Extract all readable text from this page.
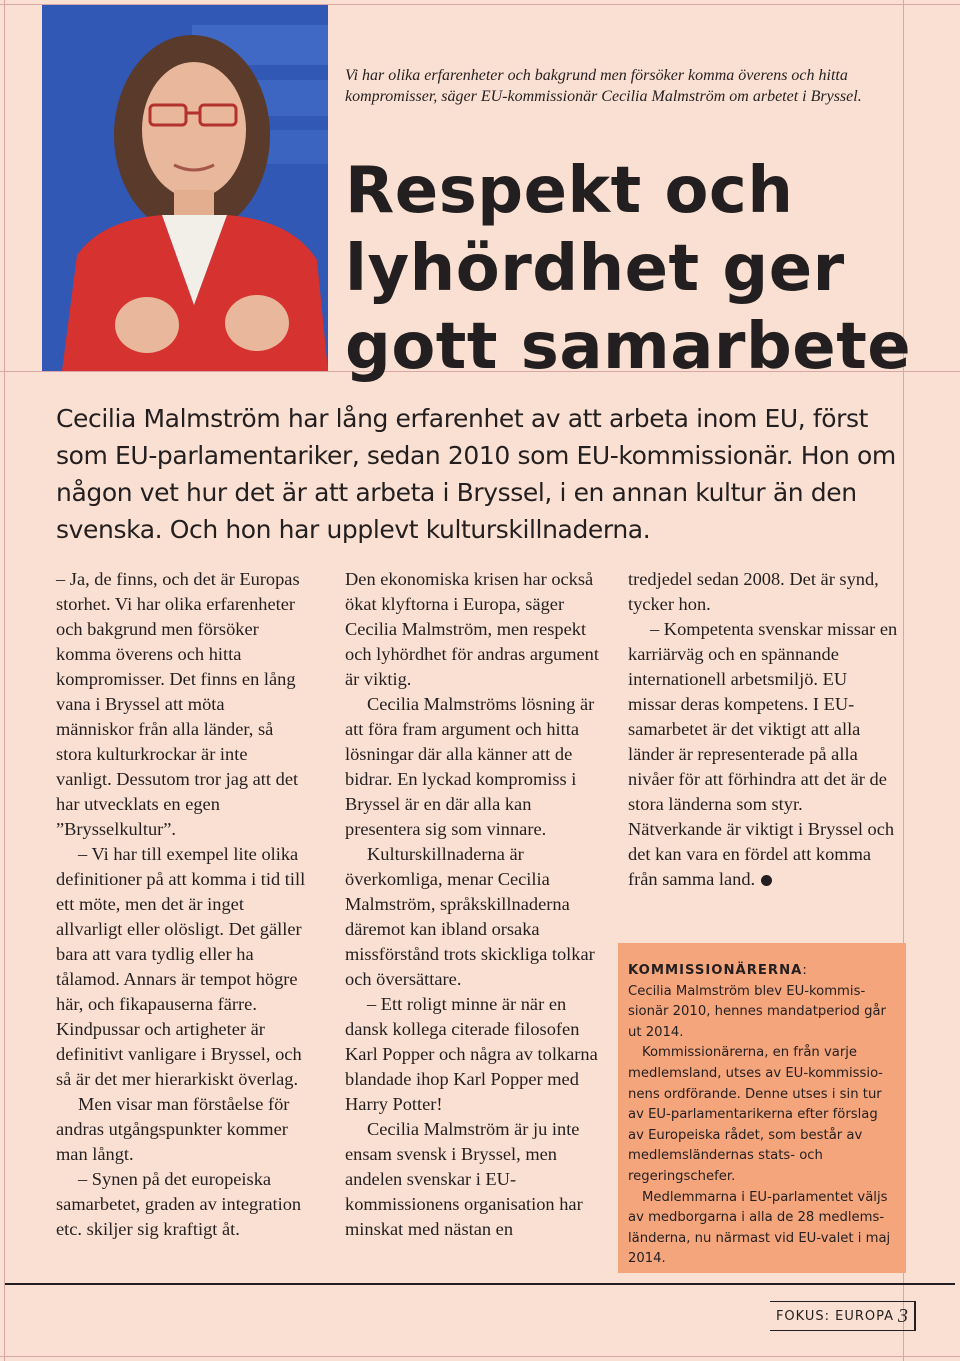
Vi har olika erfarenheter och bakgrund men försöker komma överens och hitta kompromisser, säger EU-kommissionär Cecilia Malmström om arbetet i Bryssel.

Respekt och
lyhördhet ger
gott samarbete

Cecilia Malmström har lång erfarenhet av att arbeta inom EU, först som EU-parlamentariker, sedan 2010 som EU-kommissionär. Hon om någon vet hur det är att arbeta i Bryssel, i en annan kultur än den svenska. Och hon har upplevt kulturskillnaderna.

– Ja, de finns, och det är Europas storhet. Vi har olika erfarenheter och bakgrund men försöker komma överens och hitta kompromisser. Det finns en lång vana i Bryssel att möta människor från alla länder, så stora kulturkrockar är inte vanligt. Dessutom tror jag att det har utvecklats en egen ”Brysselkultur”.

– Vi har till exempel lite olika definitioner på att komma i tid till ett möte, men det är inget allvarligt eller olösligt. Det gäller bara att vara tydlig eller ha tålamod. Annars är tempot högre här, och fikapauserna färre. Kindpussar och artigheter är definitivt vanligare i Bryssel, och så är det mer hierarkiskt överlag.

Men visar man förståelse för andras utgångspunkter kommer man långt.

– Synen på det europeiska samarbetet, graden av integration etc. skiljer sig kraftigt åt.

Den ekonomiska krisen har också ökat klyftorna i Europa, säger Cecilia Malmström, men respekt och lyhördhet för andras argument är viktig.

Cecilia Malmströms lösning är att föra fram argument och hitta lösningar där alla känner att de bidrar. En lyckad kompromiss i Bryssel är en där alla kan presentera sig som vinnare.

Kulturskillnaderna är överkomliga, menar Cecilia Malmström, språkskillnaderna däremot kan ibland orsaka missförstånd trots skickliga tolkar och översättare.

– Ett roligt minne är när en dansk kollega citerade filosofen Karl Popper och några av tolkarna blandade ihop Karl Popper med Harry Potter!

Cecilia Malmström är ju inte ensam svensk i Bryssel, men andelen svenskar i EU-kommissionens organisation har minskat med nästan en

tredjedel sedan 2008. Det är synd, tycker hon.

– Kompetenta svenskar missar en karriärväg och en spännande internationell arbetsmiljö. EU missar deras kompetens. I EU-samarbetet är det viktigt att alla länder är representerade på alla nivåer för att förhindra att det är de stora länderna som styr. Nätverkande är viktigt i Bryssel och det kan vara en fördel att komma från samma land.

KOMMISSIONÄRERNA:

Cecilia Malmström blev EU-kommissionär 2010, hennes mandatperiod går ut 2014.

Kommissionärerna, en från varje medlemsland, utses av EU-kommissionens ordförande. Denne utses i sin tur av EU-parlamentarikerna efter förslag av Europeiska rådet, som består av medlemsländernas stats- och regeringschefer.

Medlemmarna i EU-parlamentet väljs av medborgarna i alla de 28 medlemsländerna, nu närmast vid EU-valet i maj 2014.

FOKUS: EUROPA 3
